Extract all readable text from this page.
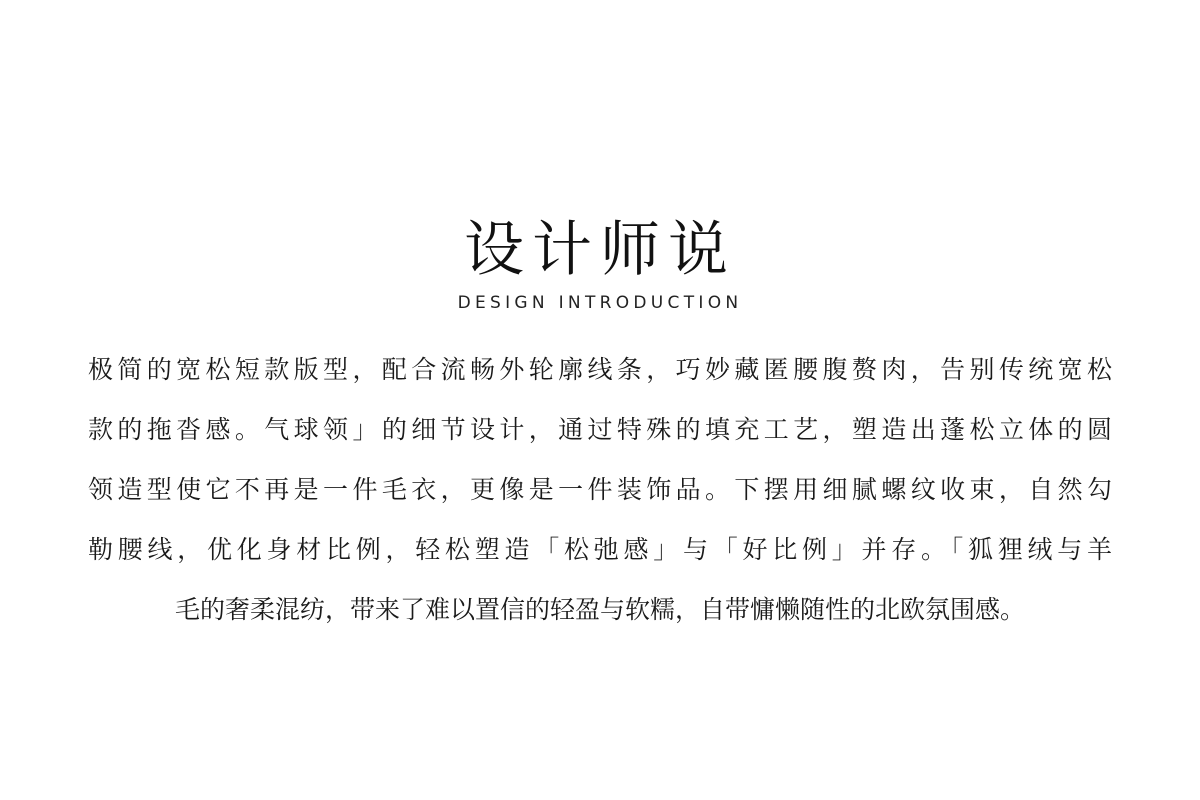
设计师说
DESIGN INTRODUCTION
极简的宽松短款版型，配合流畅外轮廓线条，巧妙藏匿腰腹赘肉，告别传统宽松
款的拖沓感。气球领」的细节设计，通过特殊的填充工艺，塑造出蓬松立体的圆
领造型使它不再是一件毛衣，更像是一件装饰品。下摆用细腻螺纹收束，自然勾
勒腰线，优化身材比例，轻松塑造「松弛感」与「好比例」并存。「狐狸绒与羊
毛的奢柔混纺，带来了难以置信的轻盈与软糯，自带慵懒随性的北欧氛围感。
